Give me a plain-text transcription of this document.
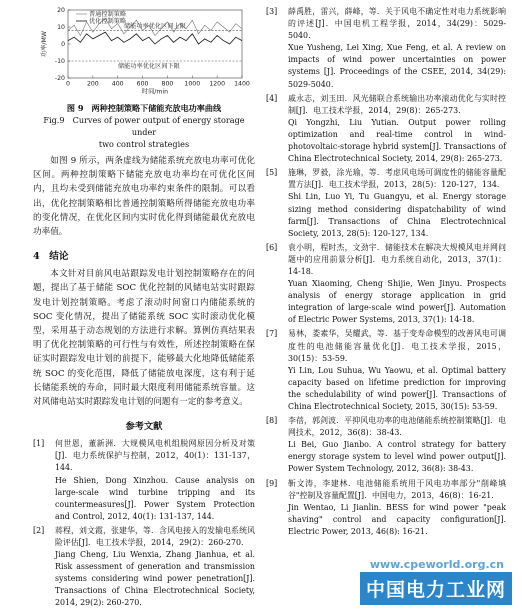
20
10
0
-10
-20
0	200 400 600 800 1000 1200 1400
时间/min
功率/MW
普通控制策略
优化控制策略
储能功率优化区间上限
储能功率优化区间下限

图 9　两种控制策略下储能充放电功率曲线

Fig.9　Curves of power output of energy storage under

two control strategies

如图 9 所示，两条虚线为储能系统充放电功率可优化区间。两种控制策略下储能充放电功率均在可优化区间内，且均未受到储能充放电功率约束条件的限制。可以看出，优化控制策略相比普通控制策略所得储能充放电功率的变化情况，在优化区间内实时优化得到储能最优充放电功率值。

4　结论

本文针对目前风电站跟踪发电计划控制策略存在的问题，提出了基于储能 SOC 优化控制的风储电站实时跟踪发电计划控制策略。考虑了滚动时间窗口内储能系统的 SOC 变化情况，提出了储能系统 SOC 实时滚动优化模型，采用基于动态规划的方法进行求解。算例仿真结果表明了优化控制策略的可行性与有效性，所述控制策略在保证实时跟踪发电计划的前提下，能够最大化地降低储能系统 SOC 的变化范围，降低了储能放电深度，这有利于延长储能系统的寿命，同时最大限度利用储能系统容量。这对风储电站实时跟踪发电计划的问题有一定的参考意义。

参考文献
[1] 何世恩，董新洲．大规模风电机组脱网原因分析及对策[J]．电力系统保护与控制，2012，40(1)：131-137，144．
He Shien, Dong Xinzhou. Cause analysis on large-scale wind turbine tripping and its countermeasures[J]. Power System Protection and Control, 2012, 40(1): 131-137, 144.
[2] 蒋程，刘文霞，张建华，等．含风电接入的发输电系统风险评估[J]．电工技术学报，2014，29(2)：260-270．
Jiang Cheng, Liu Wenxia, Zhang Jianhua, et al. Risk assessment of generation and transmission systems considering wind power penetration[J]. Transactions of China Electrotechnical Society, 2014, 29(2): 260-270.
[3] 薛禹胜，雷兴，薛峰，等．关于风电不确定性对电力系统影响的评述[J]．中国电机工程学报，2014，34(29)：5029-5040．
Xue Yusheng, Lei Xing, Xue Feng, et al. A review on impacts of wind power uncertainties on power systems [J]. Proceedings of the CSEE, 2014, 34(29): 5029-5040.
[4] 戚永志，刘玉田．风光储联合系统输出功率滚动优化与实时控制[J]．电工技术学报，2014，29(8)：265-273．
Qi Yongzhi, Liu Yutian. Output power rolling optimization and real-time control in wind-photovoltaic-storage hybrid system[J]. Transactions of China Electrotechnical Society, 2014, 29(8): 265-273.
[5] 施琳，罗毅，涂光瑜，等．考虑风电场可调度性的储能容量配置方法[J]．电工技术学报，2013，28(5)：120-127，134．
Shi Lin, Luo Yi, Tu Guangyu, et al. Energy storage sizing method considering dispatchability of wind farm[J]. Transactions of China Electrotechnical Society, 2013, 28(5): 120-127, 134.
[6] 袁小明，程时杰，文劲宇．储能技术在解决大规模风电并网问题中的应用前景分析[J]．电力系统自动化，2013，37(1)：14-18．
Yuan Xiaoming, Cheng Shijie, Wen Jinyu. Prospects analysis of energy storage application in grid integration of large-scale wind power[J]. Automation of Electric Power Systems, 2013, 37(1): 14-18.
[7] 易林，娄素华，吴耀武，等．基于变寿命模型的改善风电可调度性的电池储能容量优化[J]．电工技术学报，2015，30(15)：53-59．
Yi Lin, Lou Suhua, Wu Yaowu, et al. Optimal battery capacity based on lifetime prediction for improving the schedulability of wind power[J]. Transactions of China Electrotechnical Society, 2015, 30(15): 53-59.
[8] 李蓓，郭剑波．平抑风电功率的电池储能系统控制策略[J]．电网技术，2012，36(8)：38-43．
Li Bei, Guo Jianbo. A control strategy for battery energy storage system to level wind power output[J]. Power System Technology, 2012, 36(8): 38-43.
[9] 靳文涛，李建林．电池储能系统用于风电功率部分"削峰填谷"控制及容量配置[J]．中国电力，2013，46(8)：16-21．
Jin Wentao, Li Jianlin. BESS for wind power "peak shaving" control and capacity configuration[J]. Electric Power, 2013, 46(8): 16-21.
www.cpeworld.org.cn
中国电力工业网
